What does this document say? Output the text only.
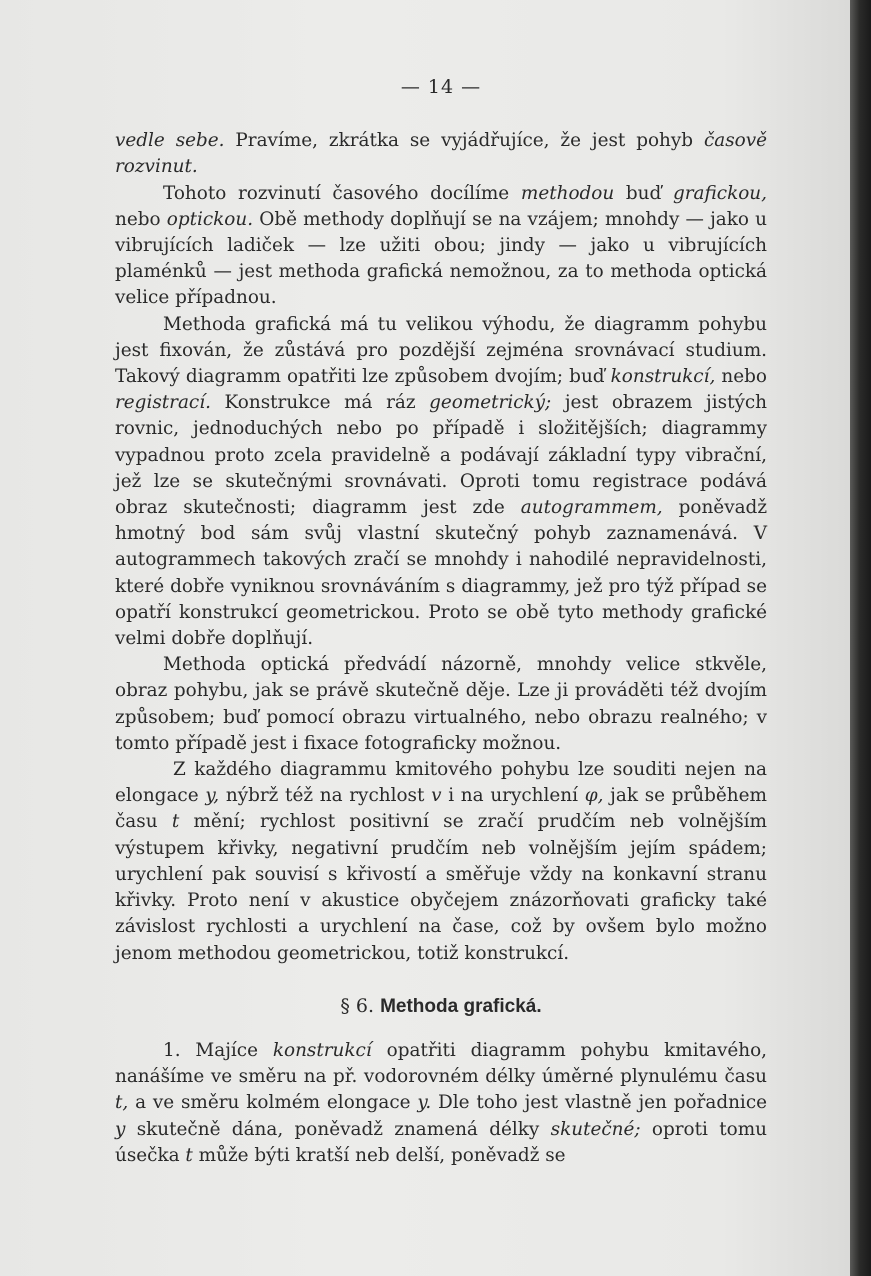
— 14 —

vedle sebe. Pravíme, zkrátka se vyjádřujíce, že jest pohyb časově rozvinut.

Tohoto rozvinutí časového docílíme methodou buď grafickou, nebo optickou. Obě methody doplňují se na vzájem; mnohdy — jako u vibrujících ladiček — lze užiti obou; jindy — jako u vibrujících plaménků — jest methoda grafická nemožnou, za to methoda optická velice případnou.

Methoda grafická má tu velikou výhodu, že diagramm pohybu jest fixován, že zůstává pro pozdější zejména srovnávací studium. Takový diagramm opatřiti lze způsobem dvojím; buď konstrukcí, nebo registrací. Konstrukce má ráz geometrický; jest obrazem jistých rovnic, jednoduchých nebo po případě i složitějších; diagrammy vypadnou proto zcela pravidelně a podávají základní typy vibrační, jež lze se skutečnými srovnávati. Oproti tomu registrace podává obraz skutečnosti; diagramm jest zde autogrammem, poněvadž hmotný bod sám svůj vlastní skutečný pohyb zaznamenává. V autogrammech takových zračí se mnohdy i nahodilé nepravidelnosti, které dobře vyniknou srovnáváním s diagrammy, jež pro týž případ se opatří konstrukcí geometrickou. Proto se obě tyto methody grafické velmi dobře doplňují.

Methoda optická předvádí názorně, mnohdy velice stkvěle, obraz pohybu, jak se právě skutečně děje. Lze ji prováděti též dvojím způsobem; buď pomocí obrazu virtualného, nebo obrazu realného; v tomto případě jest i fixace fotograficky možnou.

Z každého diagrammu kmitového pohybu lze souditi nejen na elongace y, nýbrž též na rychlost v i na urychlení φ, jak se průběhem času t mění; rychlost positivní se zračí prudčím neb volnějším výstupem křivky, negativní prudčím neb volnějším jejím spádem; urychlení pak souvisí s křivostí a směřuje vždy na konkavní stranu křivky. Proto není v akustice obyčejem znázorňovati graficky také závislost rychlosti a urychlení na čase, což by ovšem bylo možno jenom methodou geometrickou, totiž konstrukcí.

§ 6. Methoda grafická.

1. Majíce konstrukcí opatřiti diagramm pohybu kmitavého, nanášíme ve směru na př. vodorovném délky úměrné plynulému času t, a ve směru kolmém elongace y. Dle toho jest vlastně jen pořadnice y skutečně dána, poněvadž znamená délky skutečné; oproti tomu úsečka t může býti kratší neb delší, poněvadž se
